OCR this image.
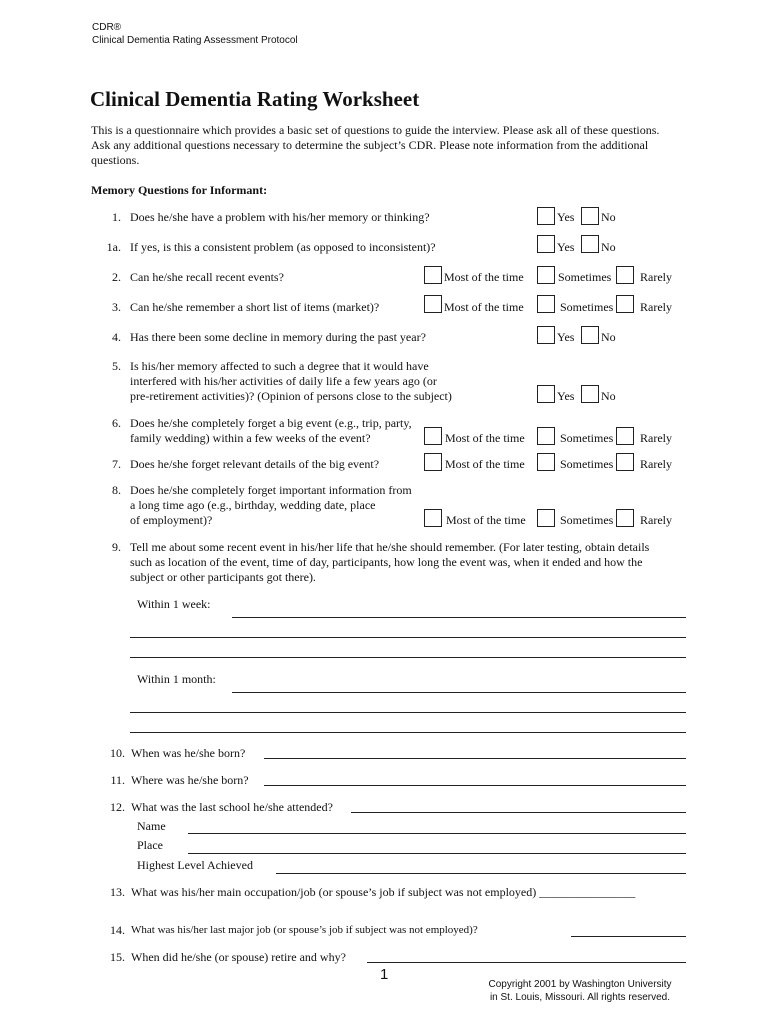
CDR®
Clinical Dementia Rating Assessment Protocol
Clinical Dementia Rating Worksheet
This is a questionnaire which provides a basic set of questions to guide the interview. Please ask all of these questions. Ask any additional questions necessary to determine the subject’s CDR. Please note information from the additional questions.
Memory Questions for Informant:
1. Does he/she have a problem with his/her memory or thinking?	Yes No
1a. If yes, is this a consistent problem (as opposed to inconsistent)?	Yes No
2. Can he/she recall recent events?	Most of the time	Sometimes Rarely
3. Can he/she remember a short list of items (market)?	Most of the time	Sometimes Rarely
4. Has there been some decline in memory during the past year?	Yes No
5. Is his/her memory affected to such a degree that it would have
interfered with his/her activities of daily life a few years ago (or
pre-retirement activities)? (Opinion of persons close to the subject)	Yes No
6. Does he/she completely forget a big event (e.g., trip, party,
family wedding) within a few weeks of the event?	Most of the time	Sometimes Rarely
7. Does he/she forget relevant details of the big event?	Most of the time	Sometimes Rarely
8. Does he/she completely forget important information from
a long time ago (e.g., birthday, wedding date, place
of employment)?	Most of the time	Sometimes Rarely
9. Tell me about some recent event in his/her life that he/she should remember. (For later testing, obtain details
such as location of the event, time of day, participants, how long the event was, when it ended and how the
subject or other participants got there).
Within 1 week:
Within 1 month:
10. When was he/she born?
11. Where was he/she born?
12. What was the last school he/she attended?
Name
Place
Highest Level Achieved
13. What was his/her main occupation/job (or spouse’s job if subject was not employed) ________________
14. What was his/her last major job (or spouse’s job if subject was not employed)?
15. When did he/she (or spouse) retire and why?
1
Copyright 2001 by Washington University
in St. Louis, Missouri. All rights reserved.
